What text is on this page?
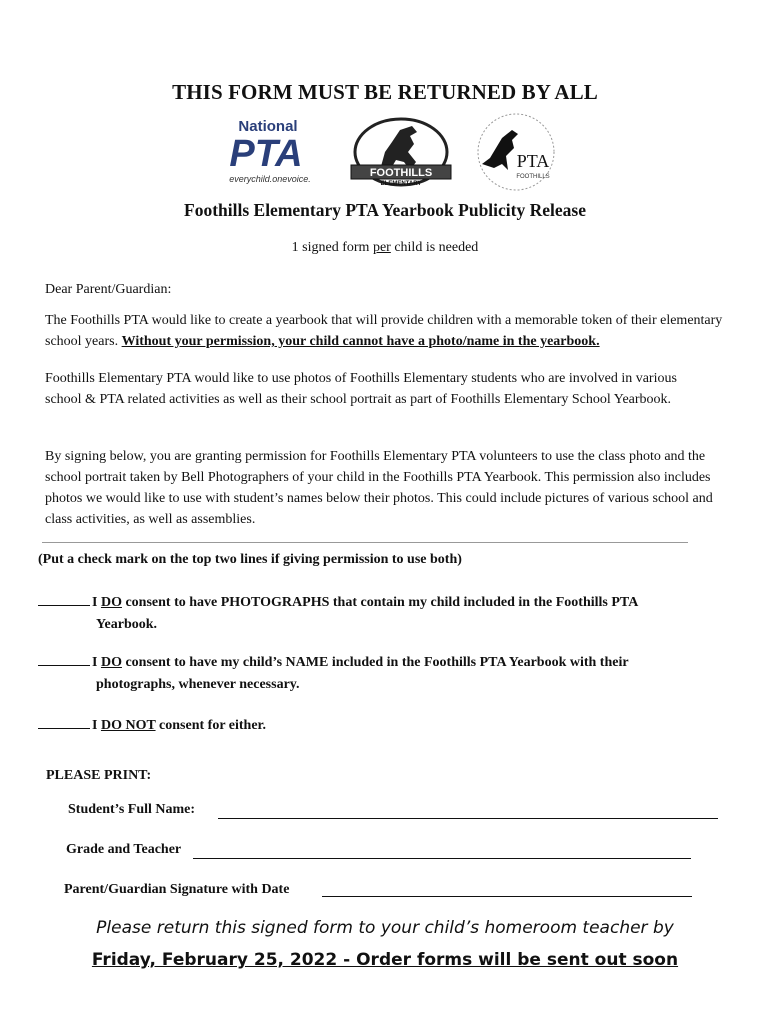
THIS FORM MUST BE RETURNED BY ALL
National
PTA
everychild.onevoice.	FOOTHILLS
ELEMENTARY
PTA
FOOTHILLS
Foothills Elementary PTA Yearbook Publicity Release
1 signed form per child is needed
Dear Parent/Guardian:
The Foothills PTA would like to create a yearbook that will provide children with a memorable token of their elementary school years. Without your permission, your child cannot have a photo/name in the yearbook.
Foothills Elementary PTA would like to use photos of Foothills Elementary students who are involved in various school & PTA related activities as well as their school portrait as part of Foothills Elementary School Yearbook.
By signing below, you are granting permission for Foothills Elementary PTA volunteers to use the class photo and the school portrait taken by Bell Photographers of your child in the Foothills PTA Yearbook. This permission also includes photos we would like to use with student’s names below their photos. This could include pictures of various school and class activities, as well as assemblies.
(Put a check mark on the top two lines if giving permission to use both)
I DO consent to have PHOTOGRAPHS that contain my child included in the Foothills PTA
Yearbook.
I DO consent to have my child’s NAME included in the Foothills PTA Yearbook with their
photographs, whenever necessary.
I DO NOT consent for either.
PLEASE PRINT:
Student’s Full Name:
Grade and Teacher
Parent/Guardian Signature with Date
Please return this signed form to your child’s homeroom teacher by
Friday, February 25, 2022 - Order forms will be sent out soon
